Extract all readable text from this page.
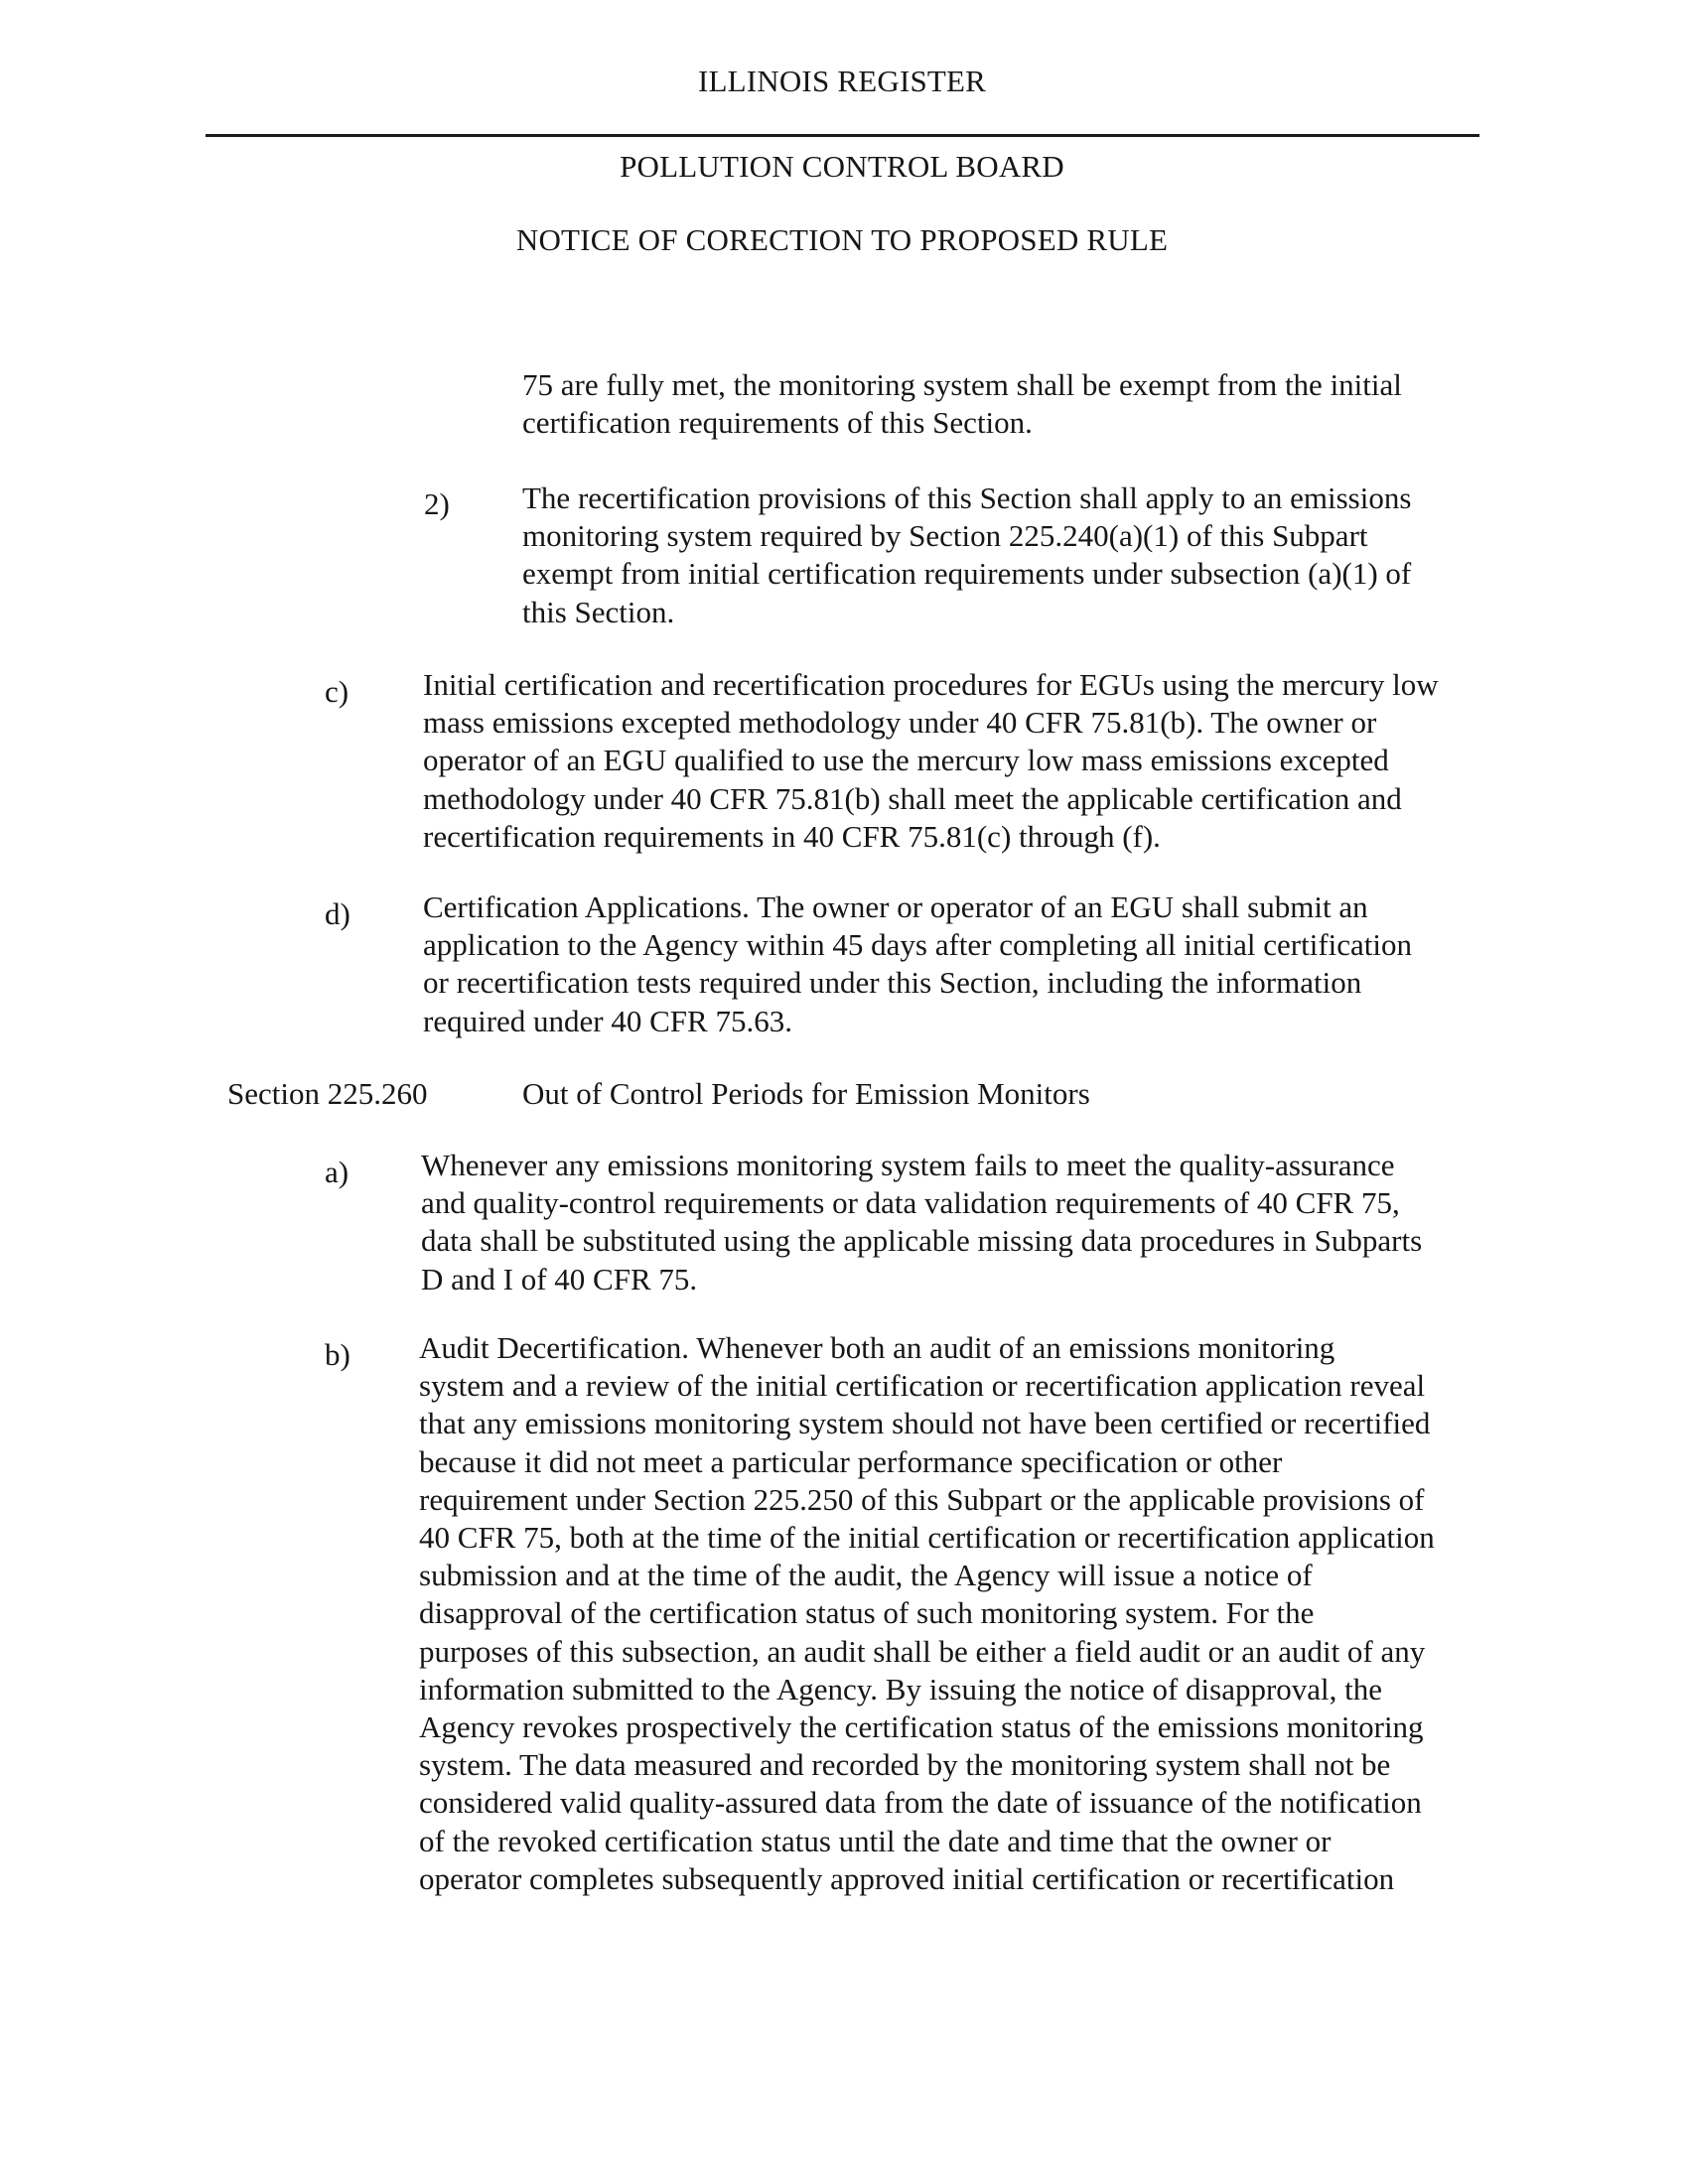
ILLINOIS REGISTER
POLLUTION CONTROL BOARD
NOTICE OF CORECTION TO PROPOSED RULE
75 are fully met, the monitoring system shall be exempt from the initial
certification requirements of this Section.
2) The recertification provisions of this Section shall apply to an emissions
monitoring system required by Section 225.240(a)(1) of this Subpart
exempt from initial certification requirements under subsection (a)(1) of
this Section.
c) Initial certification and recertification procedures for EGUs using the mercury low
mass emissions excepted methodology under 40 CFR 75.81(b). The owner or
operator of an EGU qualified to use the mercury low mass emissions excepted
methodology under 40 CFR 75.81(b) shall meet the applicable certification and
recertification requirements in 40 CFR 75.81(c) through (f).
d) Certification Applications. The owner or operator of an EGU shall submit an
application to the Agency within 45 days after completing all initial certification
or recertification tests required under this Section, including the information
required under 40 CFR 75.63.
Section 225.260	Out of Control Periods for Emission Monitors
a) Whenever any emissions monitoring system fails to meet the quality-assurance
and quality-control requirements or data validation requirements of 40 CFR 75,
data shall be substituted using the applicable missing data procedures in Subparts
D and I of 40 CFR 75.
b) Audit Decertification. Whenever both an audit of an emissions monitoring
system and a review of the initial certification or recertification application reveal
that any emissions monitoring system should not have been certified or recertified
because it did not meet a particular performance specification or other
requirement under Section 225.250 of this Subpart or the applicable provisions of
40 CFR 75, both at the time of the initial certification or recertification application
submission and at the time of the audit, the Agency will issue a notice of
disapproval of the certification status of such monitoring system. For the
purposes of this subsection, an audit shall be either a field audit or an audit of any
information submitted to the Agency. By issuing the notice of disapproval, the
Agency revokes prospectively the certification status of the emissions monitoring
system. The data measured and recorded by the monitoring system shall not be
considered valid quality-assured data from the date of issuance of the notification
of the revoked certification status until the date and time that the owner or
operator completes subsequently approved initial certification or recertification
